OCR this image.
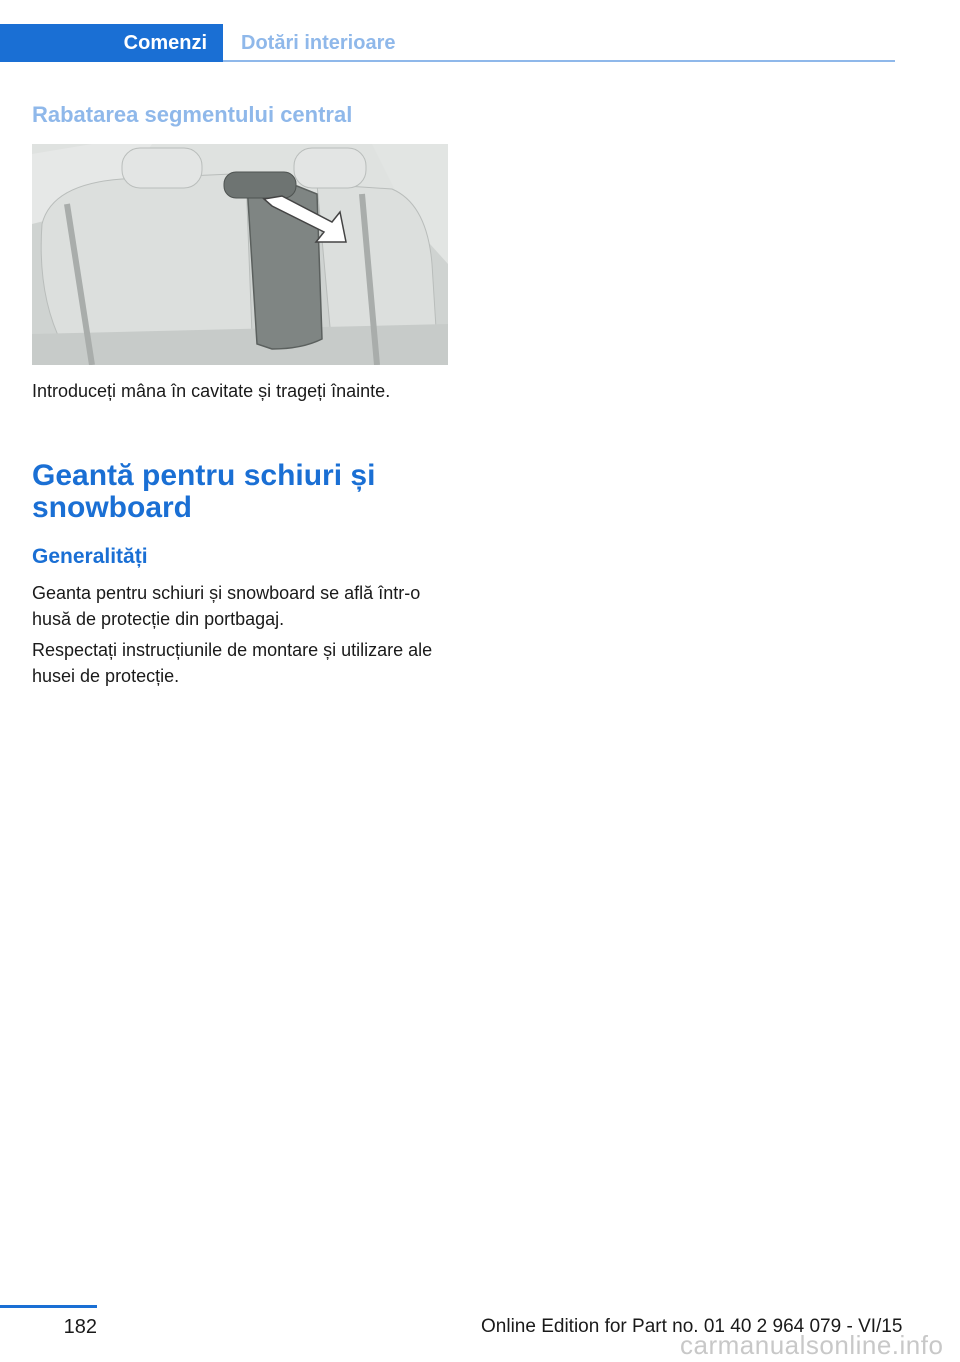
Comenzi	Dotări interioare
Rabatarea segmentului central

Introduceți mâna în cavitate și trageți înainte.

Geantă pentru schiuri și snowboard
Generalități

Geanta pentru schiuri și snowboard se află într-o husă de protecție din portbagaj.

Respectați instrucțiunile de montare și utilizare ale husei de protecție.

182	Online Edition for Part no. 01 40 2 964 079 - VI/15
carmanualsonline.info
